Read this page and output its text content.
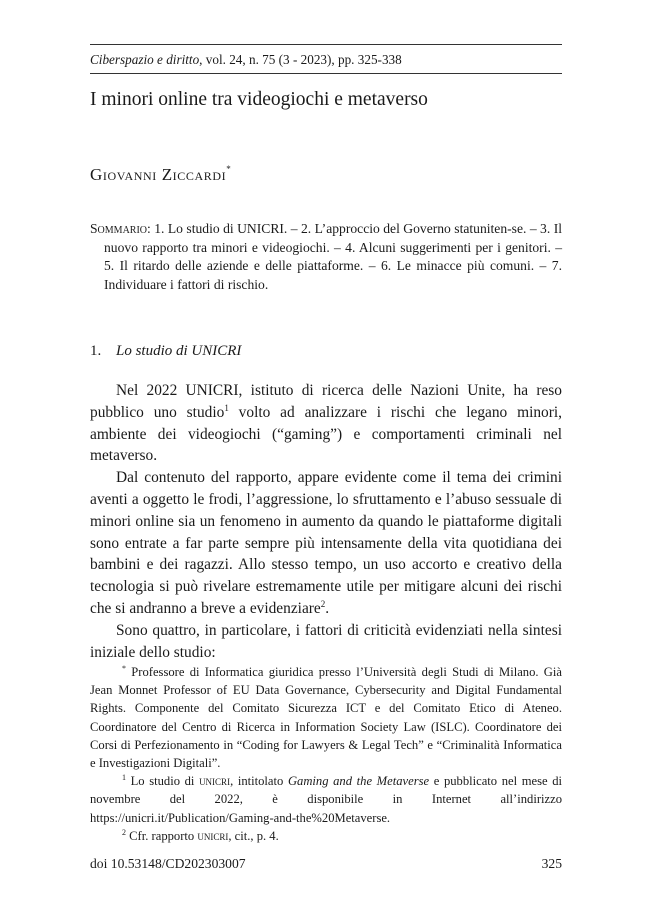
Ciberspazio e diritto, vol. 24, n. 75 (3 - 2023), pp. 325-338
I minori online tra videogiochi e metaverso
Giovanni Ziccardi*
Sommario: 1. Lo studio di UNICRI. – 2. L’approccio del Governo statuniten-se. – 3. Il nuovo rapporto tra minori e videogiochi. – 4. Alcuni suggerimenti per i genitori. – 5. Il ritardo delle aziende e delle piattaforme. – 6. Le minacce più comuni. – 7. Individuare i fattori di rischio.
1. Lo studio di UNICRI

Nel 2022 UNICRI, istituto di ricerca delle Nazioni Unite, ha reso pubblico uno studio$^1$ volto ad analizzare i rischi che legano minori, ambiente dei videogiochi (“gaming”) e comportamenti criminali nel metaverso.

Dal contenuto del rapporto, appare evidente come il tema dei crimini aventi a oggetto le frodi, l’aggressione, lo sfruttamento e l’abuso sessuale di minori online sia un fenomeno in aumento da quando le piattaforme digitali sono entrate a far parte sempre più intensamente della vita quotidiana dei bambini e dei ragazzi. Allo stesso tempo, un uso accorto e creativo della tecnologia si può rivelare estremamente utile per mitigare alcuni dei rischi che si andranno a breve a evidenziare$^2$.

Sono quattro, in particolare, i fattori di criticità evidenziati nella sintesi iniziale dello studio:

* Professore di Informatica giuridica presso l’Università degli Studi di Milano. Già Jean Monnet Professor of EU Data Governance, Cybersecurity and Digital Fundamental Rights. Componente del Comitato Sicurezza ICT e del Comitato Etico di Ateneo. Coordinatore del Centro di Ricerca in Information Society Law (ISLC). Coordinatore dei Corsi di Perfezionamento in “Coding for Lawyers & Legal Tech” e “Criminalità Informatica e Investigazioni Digitali”.

$^1$ Lo studio di unicri, intitolato Gaming and the Metaverse e pubblicato nel mese di novembre del 2022, è disponibile in Internet all’indirizzo https://unicri.it/Publication/Gaming-and-the%20Metaverse.

$^2$ Cfr. rapporto unicri, cit., p. 4.

doi 10.53148/CD202303007	325
